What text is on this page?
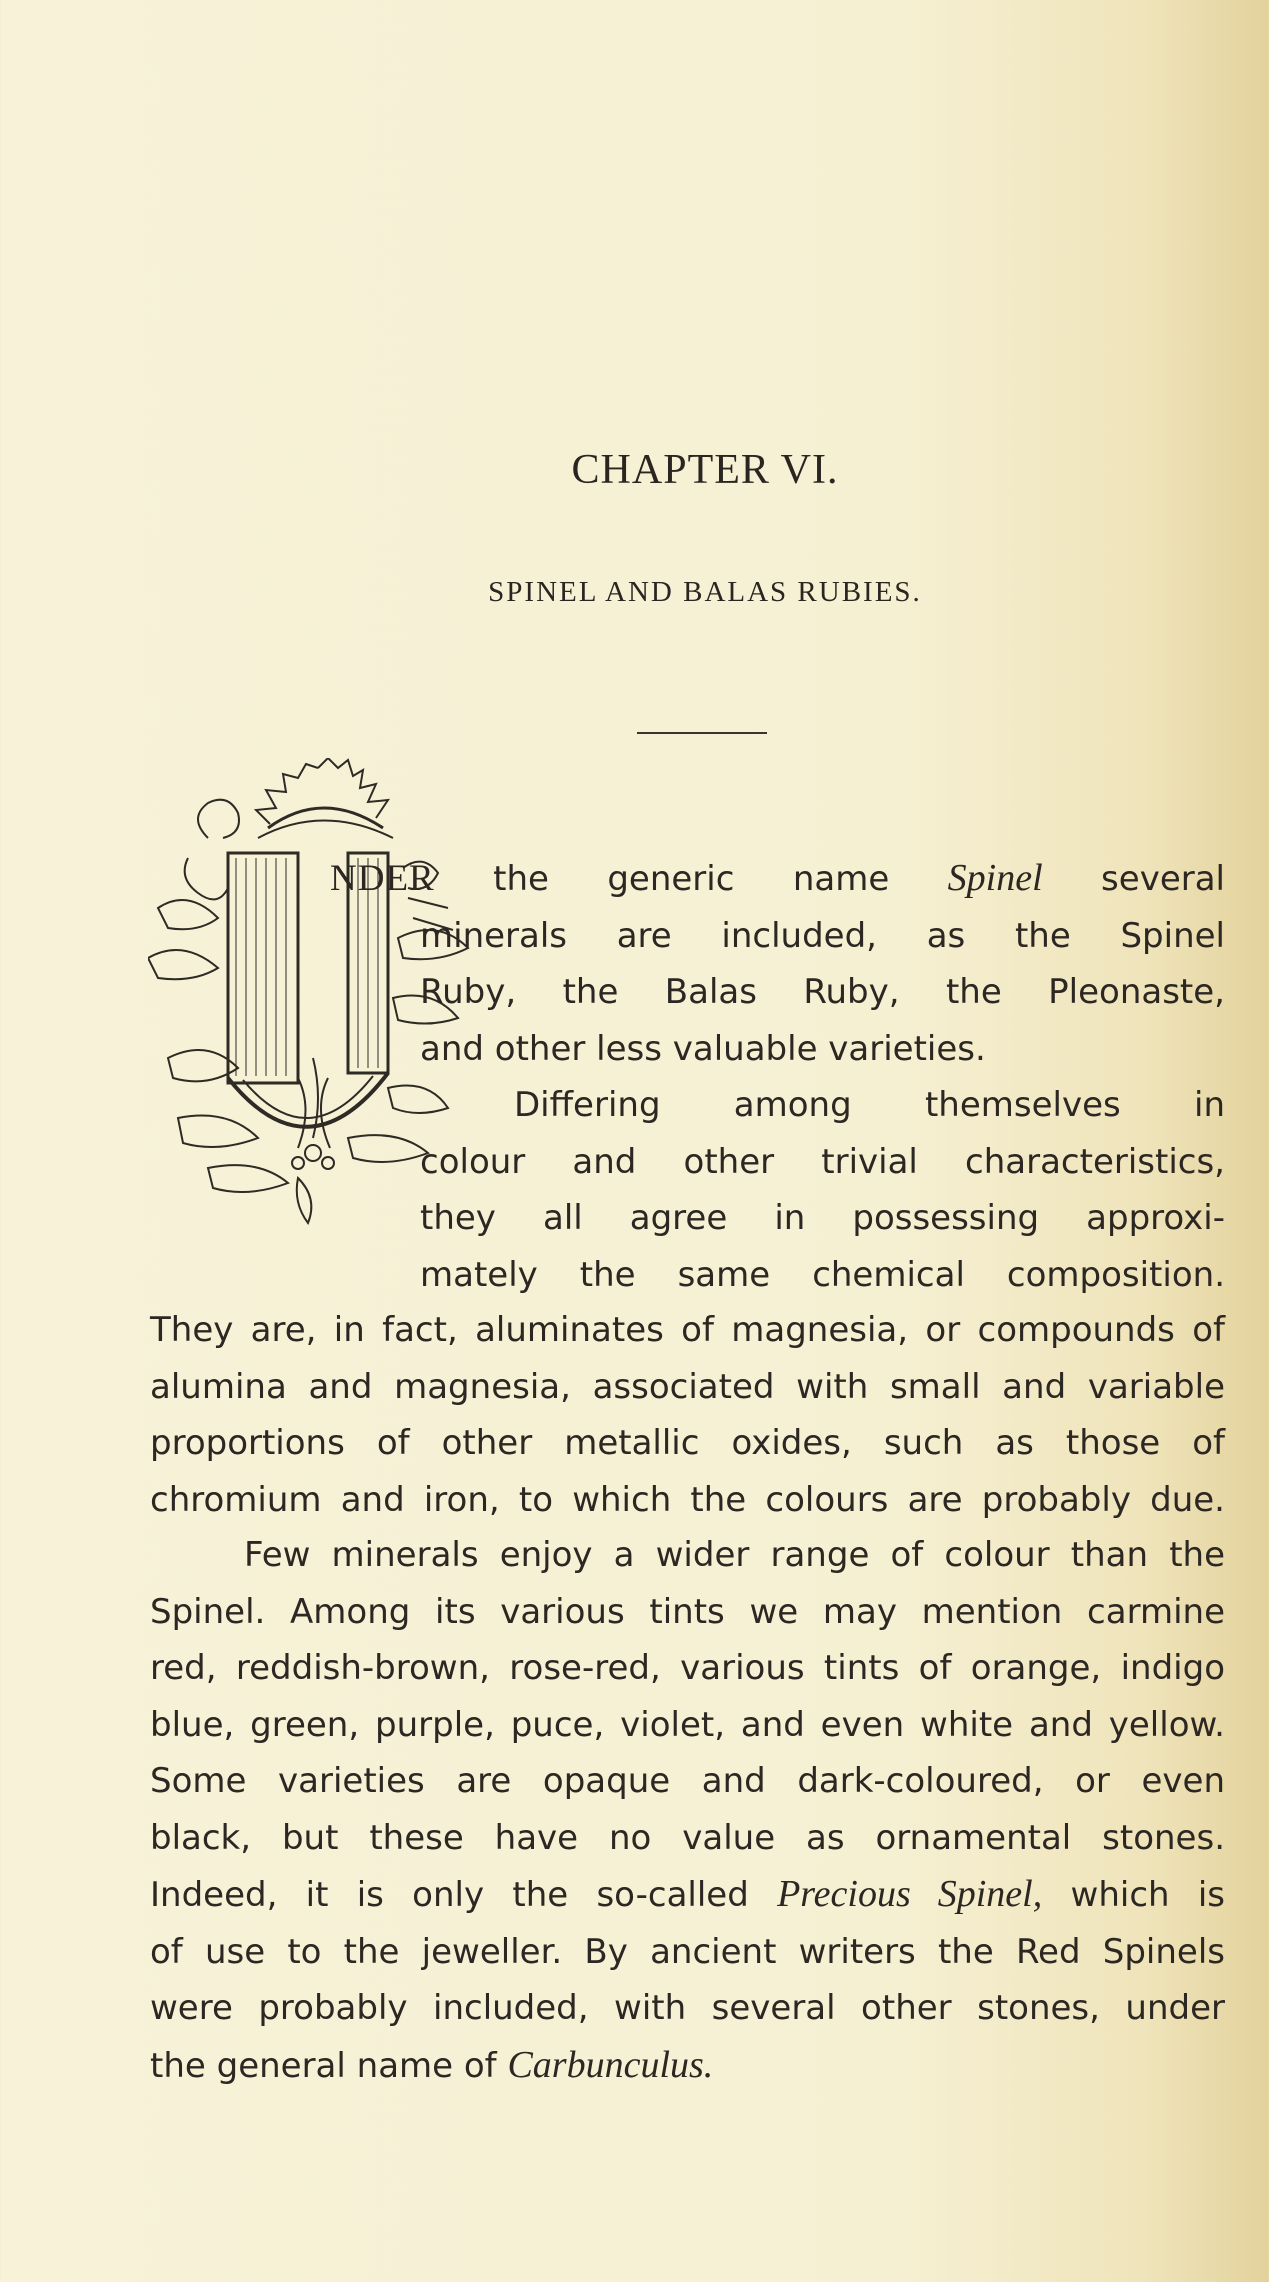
CHAPTER VI.
SPINEL AND BALAS RUBIES.
NDER the generic name Spinel several
minerals are included, as the Spinel
Ruby, the Balas Ruby, the Pleonaste,
and other less valuable varieties.
Differing among themselves in
colour and other trivial characteristics,
they all agree in possessing approxi-
mately the same chemical composition.
They are, in fact, aluminates of magnesia, or compounds of
alumina and magnesia, associated with small and variable
proportions of other metallic oxides, such as those of
chromium and iron, to which the colours are probably due.
Few minerals enjoy a wider range of colour than the
Spinel. Among its various tints we may mention carmine
red, reddish-brown, rose-red, various tints of orange, indigo
blue, green, purple, puce, violet, and even white and yellow.
Some varieties are opaque and dark-coloured, or even
black, but these have no value as ornamental stones.
Indeed, it is only the so-called Precious Spinel, which is
of use to the jeweller. By ancient writers the Red Spinels
were probably included, with several other stones, under
the general name of Carbunculus.
